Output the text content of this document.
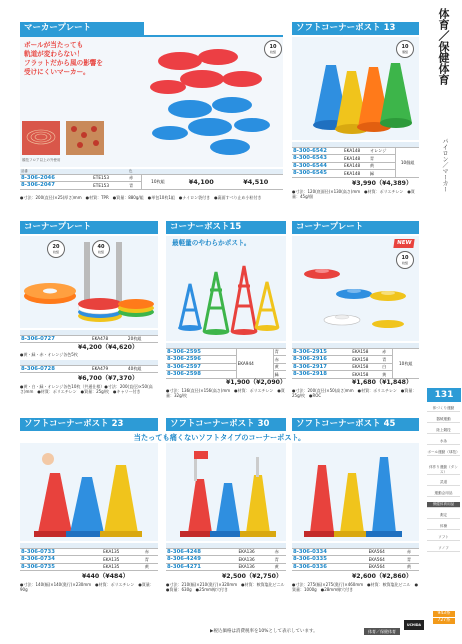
体育／保健体育
パイロン／マーカー
131
体づくり運動
器械運動
陸上競技
水泳
ボール運動（球技）
体作り運動（ダンス）
武道
運動会用品
保健体育用品
測定
体操
ソフト
ソノフ
943系
727系
マーカープレート
ボールが当たっても
軌道が変わらない！
フラットだから風の影響を
受けにくいマーカー。
競技フロア以上の外使用
10
枚組
品番		色			
8-306-2046	ETE153	赤	10枚組	¥4,100	¥4,510
8-306-2047	ETE153	青			
●寸法：200(直径)×25(厚さ)mm　●材質：TPR　●質量：880g/組　●単包10枚1組　●ナイロン袋付き　●裏面すべり止め小粒付き
ソフトコーナーポスト 13
10
個組

8-300-6542	EKA148	オレンジ	10個組
8-300-6543	EKA148	青	
8-300-6544	EKA148	黄	
8-300-6545	EKA148	緑	
¥3,990（¥4,389）
●寸法：120(底面径)×130(高さ)mm　●材質：ポリエチレン　●質量：45g/個
コーナープレート
20
枚組
40
枚組

8-306-0727	EKA478	20枚組
¥4,200（¥4,620）
●黄・緑・赤・オレンジ各色5枚

8-306-0728	EKA479	40枚組
¥6,700（¥7,370）
●黄・白・緑・オレンジ各色10枚（共通仕様）●寸法：200(直径)×50(高さ)mm　●材質：ポリエチレン　●質量：25g/枚　●キャリー付き
コーナーポスト15
最軽量のやわらかポスト。

8-306-2595	EKA944	青
8-306-2596		赤
8-306-2597		黄
8-306-2598		緑
¥1,900（¥2,090）
●寸法：136(直径)×156(高さ)mm　●材質：ポリエチレン　●質量：32g/枚
コーナープレート
NEW
10
枚組

8-306-2915	EKA158	赤	10枚組
8-306-2916	EKA158	青	
8-306-2917	EKA158	白	
8-306-2918	EKA158	黄	
¥1,680（¥1,848）
●寸法：200(直径)×50(高さ)mm　●材質：ポリエチレン　●質量：25g/枚　●ROC
ソフトコーナーポスト 23	ソフトコーナーポスト 30	ソフトコーナーポスト 45
当たっても痛くないソフトタイプのコーナーポスト。

8-306-0733	EKA135	赤
8-306-0734	EKA135	青
8-306-0735	EKA135	黄
¥440（¥484）
●寸法：140(幅)×140(奥行)×230mm　●材質：ポリエチレン　●質量：90g

8-306-4248	EKA136	赤
8-306-4249	EKA136	青
8-306-4271	EKA136	黄
¥2,500（¥2,750）
●寸法：210(幅)×210(奥行)×320mm　●材質：軟質塩化ビニル　●質量：630g　●25mm線穴付き

8-306-0334	EKA564	赤
8-306-0335	EKA564	青
8-306-0336	EKA564	黄
¥2,600（¥2,860）
●寸法：275(幅)×275(奥行)×460mm　●材質：軟質塩化ビニル　●質量：1000g　●28mm線穴付き
▶税込価格は消費税率を10%として表示しています。	体育／保健体育
UCHIDA
